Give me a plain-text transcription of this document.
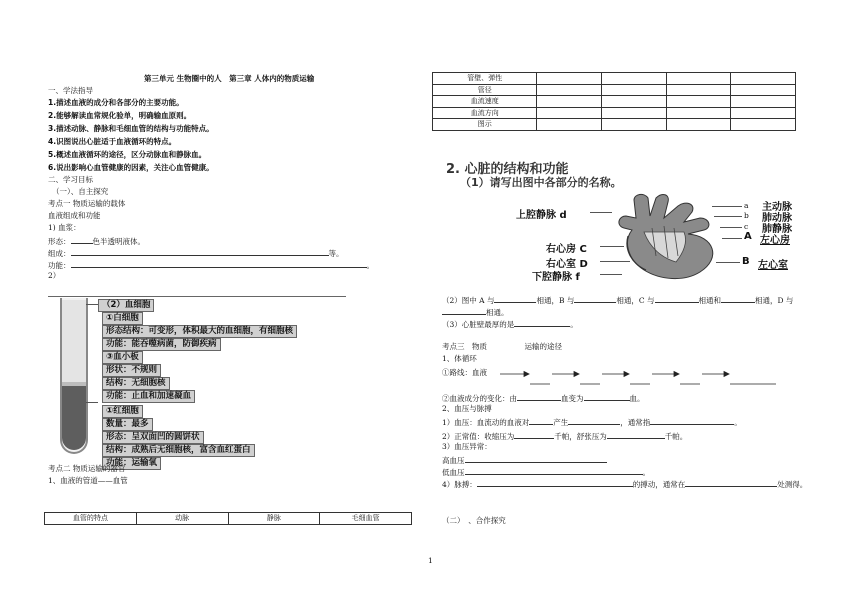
第三单元 生物圈中的人　第三章 人体内的物质运输
一、学法指导
1.描述血液的成分和各部分的主要功能。
2.能够解读血常规化验单，明确输血原则。
3.描述动脉、静脉和毛细血管的结构与功能特点。
4.识图说出心脏适于血液循环的特点。
5.概述血液循环的途径，区分动脉血和静脉血。
6.说出影响心血管健康的因素，关注心血管健康。
二、学习目标
（一）、自主探究
考点一 物质运输的载体
血液组成和功能
1) 血浆：
形态：	色半透明液体。
组成：	等。
功能：	。
2）
（2）血细胞
①白细胞
形态结构：可变形，体积最大的血细胞，有细胞核
功能：能吞噬病菌，防御疾病
③血小板
形状：不规则
结构：无细胞核
功能：止血和加速凝血
①红细胞
数量：最多
形态：呈双面凹的圆饼状
结构：成熟后无细胞核，富含血红蛋白
功能：运输氧
考点二 物质运输的器官
1、血液的管道——血管
血管的特点	动脉	静脉	毛细血管
管壁、弹性				
管径				
血流速度				
血流方向				
图示				
2. 心脏的结构和功能
（1）请写出图中各部分的名称。
上腔静脉 d
右心房 C
右心室 D
下腔静脉 f
a 主动脉
b 肺动脉
c 肺静脉
A 左心房
B 左心室
（2）图中 A 与	相通，B 与	相通，C 与	相通和	相通，D 与
相通。
（3）心脏壁最厚的是	。
考点三　物质　　　　　运输的途径
1、体循环
①路线：血液
②血液成分的变化：由	血变为	血。
2、血压与脉搏
1）血压：血流动的血液对	产生	，通常指	。
2）正常值：收缩压为	千帕，舒张压为	千帕。
3）血压异常：
高血压
低血压	。
4）脉搏：	的搏动，通常在	处测得。
（二）　、合作探究
1
